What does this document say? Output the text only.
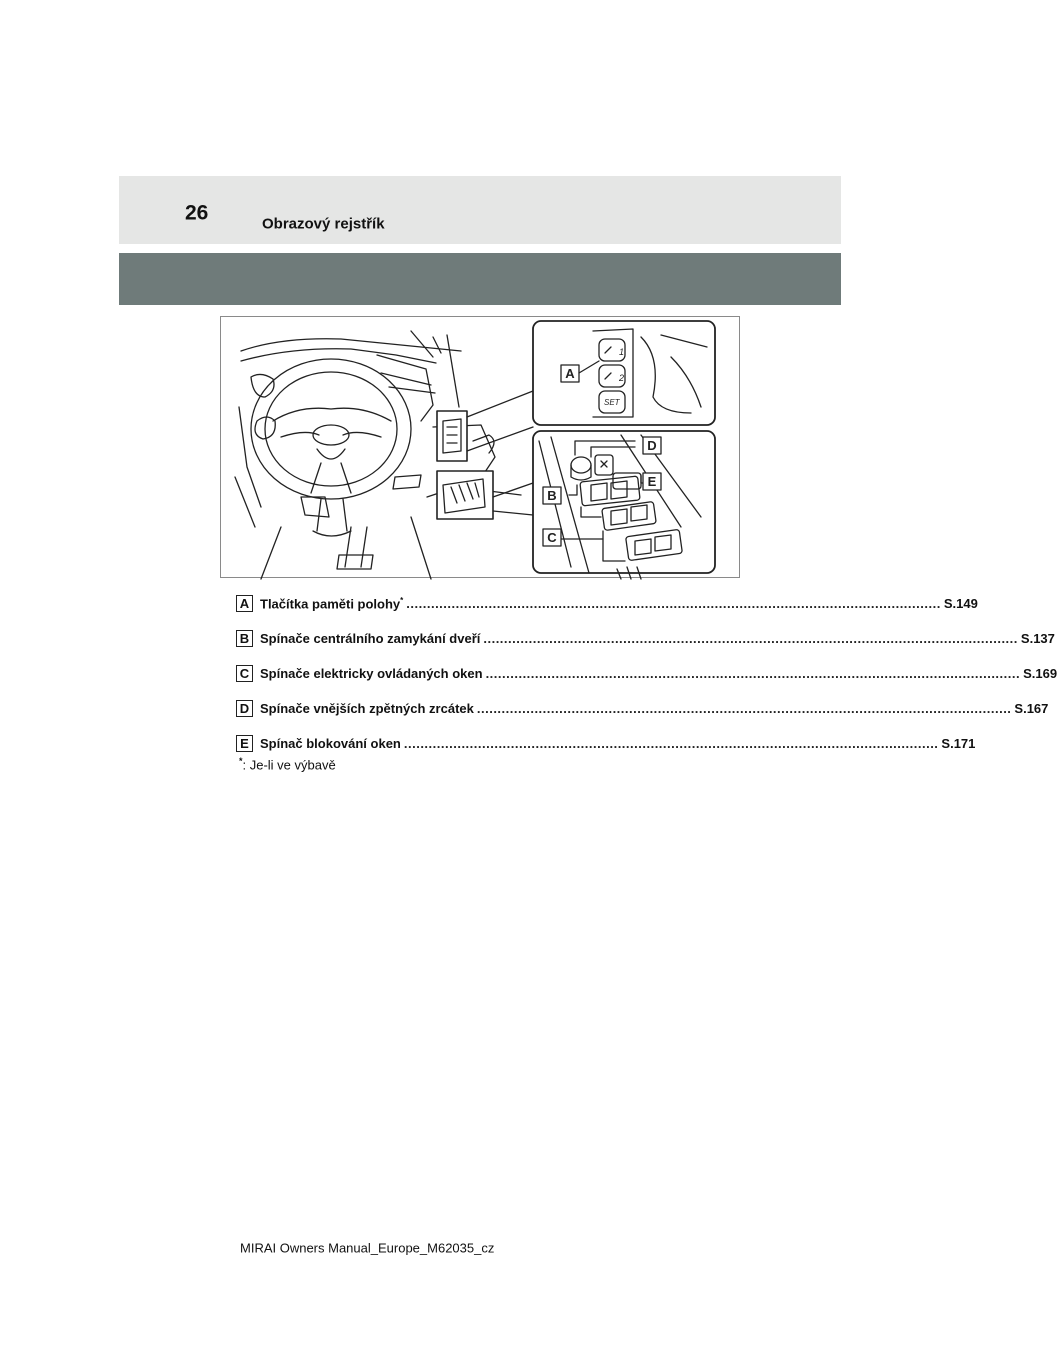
26	Obrazový rejstřík
1
2
SET
A
D
E
B
C
A Tlačítka paměti polohy* .................................................................................................................................. S.149
B Spínače centrálního zamykání dveří .................................................................................................................................. S.137
C Spínače elektricky ovládaných oken .................................................................................................................................. S.169
D Spínače vnějších zpětných zrcátek .................................................................................................................................. S.167
E Spínač blokování oken .................................................................................................................................. S.171
*: Je-li ve výbavě
MIRAI Owners Manual_Europe_M62035_cz
